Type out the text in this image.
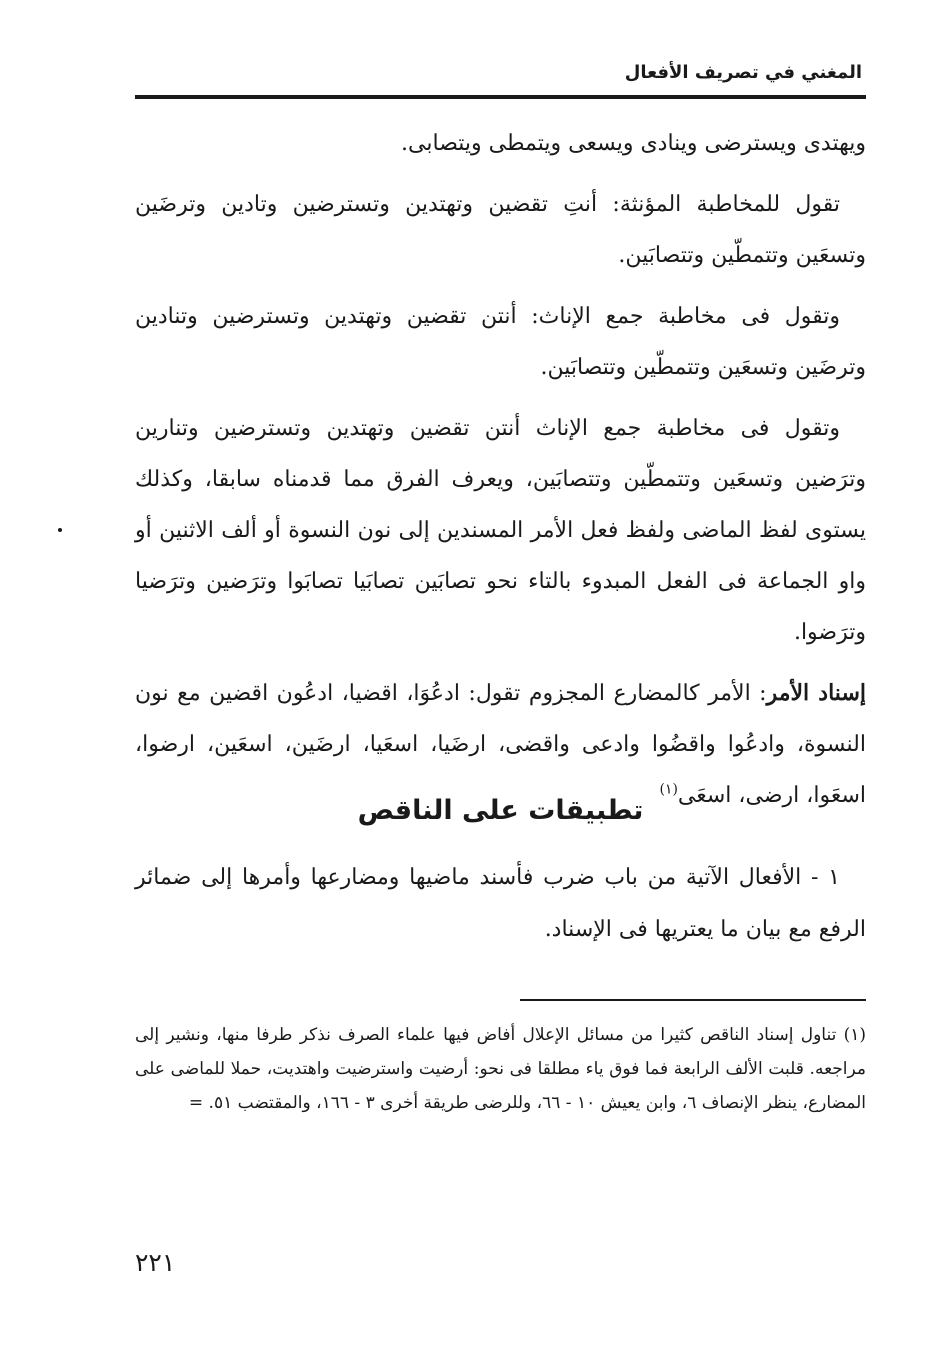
المغني في تصريف الأفعال

ويهتدى ويسترضى وينادى ويسعى ويتمطى ويتصابى.

تقول للمخاطبة المؤنثة: أنتِ تقضين وتهتدين وتسترضين وتادين وترضَين وتسعَين وتتمطّين وتتصابَين.

وتقول فى مخاطبة جمع الإناث: أنتن تقضين وتهتدين وتسترضين وتنادين وترضَين وتسعَين وتتمطّين وتتصابَين.

وتقول فى مخاطبة جمع الإناث أنتن تقضين وتهتدين وتسترضين وتنارين وترَضين وتسعَين وتتمطّين وتتصابَين، ويعرف الفرق مما قدمناه سابقا، وكذلك يستوى لفظ الماضى ولفظ فعل الأمر المسندين إلى نون النسوة أو ألف الاثنين أو واو الجماعة فى الفعل المبدوء بالتاء نحو تصابَين تصابَيا تصابَوا وترَضين وترَضيا وترَضوا.

إسناد الأمر: الأمر كالمضارع المجزوم تقول: ادعُوَا، اقضيا، ادعُون اقضين مع نون النسوة، وادعُوا واقضُوا وادعى واقضى، ارضَيا، اسعَيا، ارضَين، اسعَين، ارضوا، اسعَوا، ارضى، اسعَى$^{(١)}$

تطبيقات على الناقص

١ - الأفعال الآتية من باب ضرب فأسند ماضيها ومضارعها وأمرها إلى ضمائر الرفع مع بيان ما يعتريها فى الإسناد.

(١) تناول إسناد الناقص كثيرا من مسائل الإعلال أفاض فيها علماء الصرف نذكر طرفا منها، ونشير إلى مراجعه. قلبت الألف الرابعة فما فوق ياء مطلقا فى نحو: أرضيت واسترضيت واهتديت، حملا للماضى على المضارع، ينظر الإنصاف ٦، وابن يعيش ١٠ - ٦٦، وللرضى طريقة أخرى ٣ - ١٦٦، والمقتضب ٥١. =

٢٢١
